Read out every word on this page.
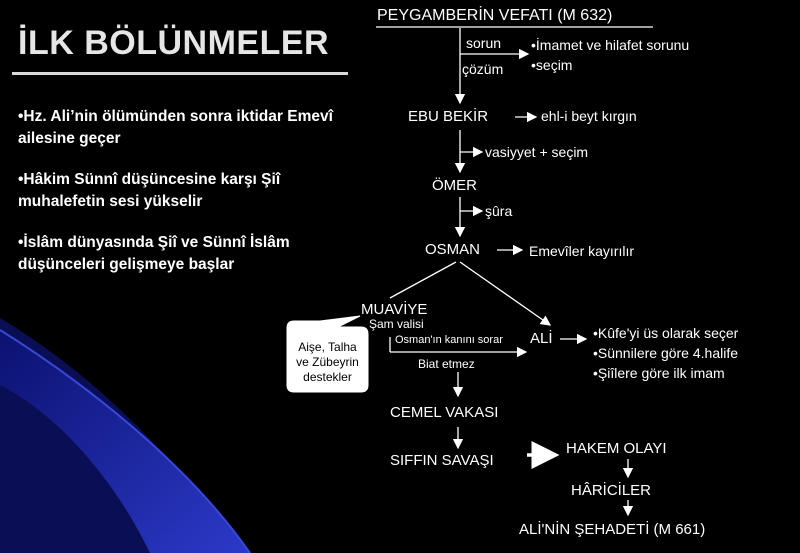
İLK BÖLÜNMELER

•Hz. Ali’nin ölümünden sonra iktidar Emevî ailesine geçer

•Hâkim Sünnî düşüncesine karşı Şiî muhalefetin sesi yükselir

•İslâm dünyasında Şiî ve Sünnî İslâm düşünceleri gelişmeye başlar

PEYGAMBERİN VEFATI (M 632)
sorun
çözüm
•İmamet ve hilafet sorunu
•seçim
EBU BEKİR	ehl-i beyt kırgın
vasiyyet + seçim
ÖMER
şûra
OSMAN	Emevîler kayırılır
MUAVİYE
Şam valisi
Osman'ın kanını sorar ALİ	•Kûfe'yi üs olarak seçer
•Sünnilere göre 4.halife
•Şiîlere göre ilk imam
Biat etmez
Aişe, Talha
ve Zübeyrin
destekler
CEMEL VAKASI
SIFFIN SAVAŞI
HAKEM OLAYI
HÂRİCİLER
ALİ'NİN ŞEHADETİ (M 661)
